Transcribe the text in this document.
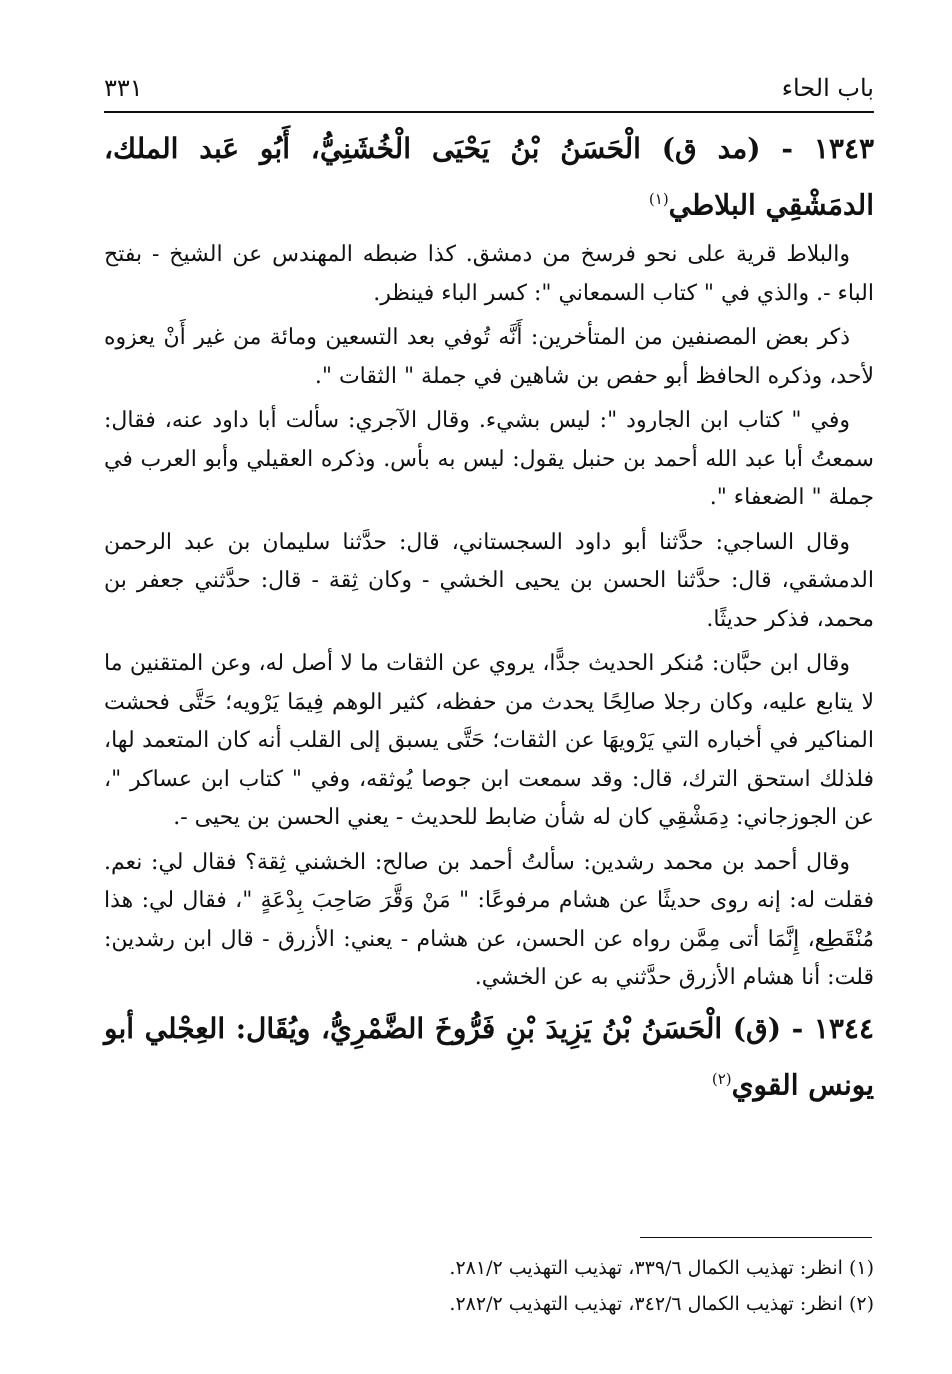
باب الحاء
٣٣١
١٣٤٣ - (مد ق) الْحَسَنُ بْنُ يَحْيَى الْخُشَنِيُّ، أَبُو عَبد الملك، الدمَشْقِي البلاطي$^{(١)}$

والبلاط قرية على نحو فرسخ من دمشق. كذا ضبطه المهندس عن الشيخ - بفتح الباء -. والذي في " كتاب السمعاني ": كسر الباء فينظر.

ذكر بعض المصنفين من المتأخرين: أَنَّه تُوفي بعد التسعين ومائة من غير أَنْ يعزوه لأحد، وذكره الحافظ أبو حفص بن شاهين في جملة " الثقات ".

وفي " كتاب ابن الجارود ": ليس بشيء. وقال الآجري: سألت أبا داود عنه، فقال: سمعتُ أبا عبد الله أحمد بن حنبل يقول: ليس به بأس. وذكره العقيلي وأبو العرب في جملة " الضعفاء ".

وقال الساجي: حدَّثنا أبو داود السجستاني، قال: حدَّثنا سليمان بن عبد الرحمن الدمشقي، قال: حدَّثنا الحسن بن يحيى الخشي - وكان ثِقة - قال: حدَّثني جعفر بن محمد، فذكر حديثًا.

وقال ابن حبَّان: مُنكر الحديث جدًّا، يروي عن الثقات ما لا أصل له، وعن المتقنين ما لا يتابع عليه، وكان رجلا صالِحًا يحدث من حفظه، كثير الوهم فِيمَا يَرْويه؛ حَتَّى فحشت المناكير في أخباره التي يَرْويهَا عن الثقات؛ حَتَّى يسبق إلى القلب أنه كان المتعمد لها، فلذلك استحق الترك، قال: وقد سمعت ابن جوصا يُوثقه، وفي " كتاب ابن عساكر "، عن الجوزجاني: دِمَشْقِي كان له شأن ضابط للحديث - يعني الحسن بن يحيى -.

وقال أحمد بن محمد رشدين: سألتُ أحمد بن صالح: الخشني ثِقة؟ فقال لي: نعم. فقلت له: إنه روى حديثًا عن هشام مرفوعًا: " مَنْ وَقَّرَ صَاحِبَ بِدْعَةٍ "، فقال لي: هذا مُنْقَطِع، إِنَّمَا أتى مِمَّن رواه عن الحسن، عن هشام - يعني: الأزرق - قال ابن رشدين: قلت: أنا هشام الأزرق حدَّثني به عن الخشي.

١٣٤٤ - (ق) الْحَسَنُ بْنُ يَزِيدَ بْنِ فَرُّوخَ الضَّمْرِيُّ، ويُقَال: العِجْلي أبو يونس القوي$^{(٢)}$

(١) انظر: تهذيب الكمال ٣٣٩/٦، تهذيب التهذيب ٢٨١/٢.

(٢) انظر: تهذيب الكمال ٣٤٢/٦، تهذيب التهذيب ٢٨٢/٢.
